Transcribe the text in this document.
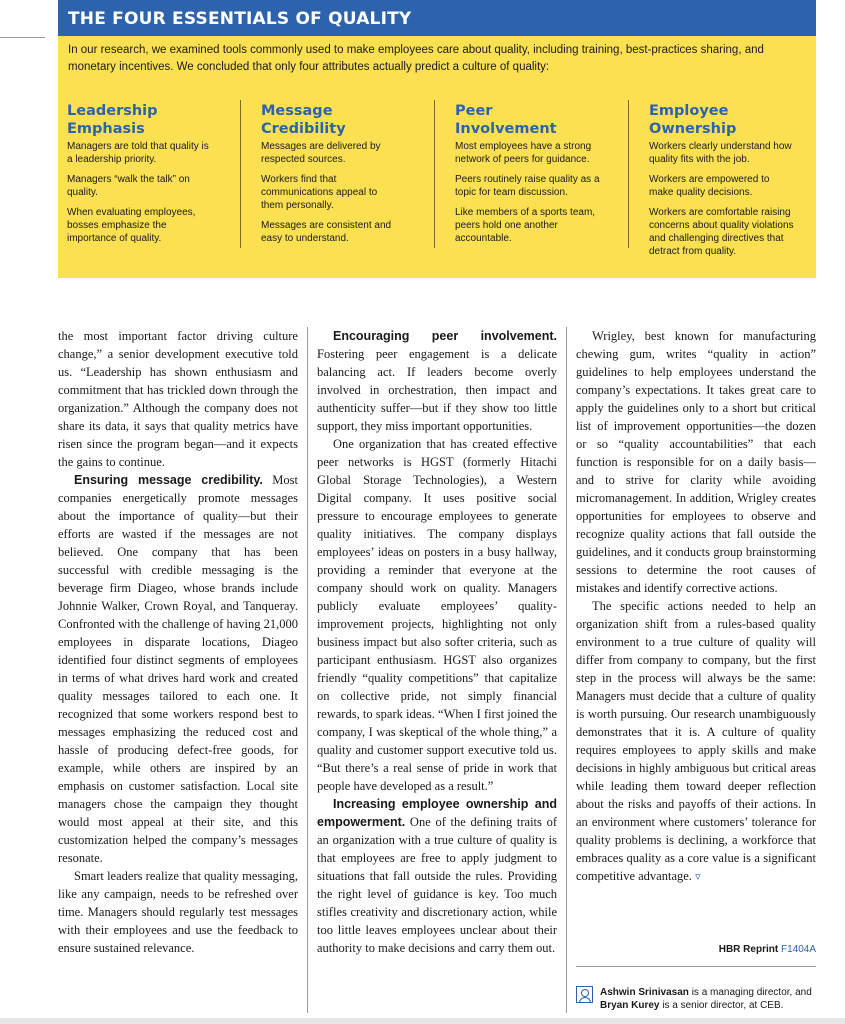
THE FOUR ESSENTIALS OF QUALITY
In our research, we examined tools commonly used to make employees care about quality, including training, best-practices sharing, and monetary incentives. We concluded that only four attributes actually predict a culture of quality:
Leadership
Emphasis

Managers are told that quality is a leadership priority.

Managers “walk the talk” on quality.

When evaluating employees, bosses emphasize the importance of quality.

Message
Credibility

Messages are delivered by respected sources.

Workers find that communications appeal to them personally.

Messages are consistent and easy to understand.

Peer
Involvement

Most employees have a strong network of peers for guidance.

Peers routinely raise quality as a topic for team discussion.

Like members of a sports team, peers hold one another accountable.

Employee
Ownership

Workers clearly understand how quality fits with the job.

Workers are empowered to make quality decisions.

Workers are comfortable raising concerns about quality violations and challenging directives that detract from quality.

the most important factor driving culture change,” a senior development executive told us. “Leadership has shown enthusiasm and commitment that has trickled down through the organization.” Although the company does not share its data, it says that quality metrics have risen since the program began—and it expects the gains to continue.

Ensuring message credibility. Most companies energetically promote messages about the importance of quality—but their efforts are wasted if the messages are not believed. One company that has been successful with credible messaging is the beverage firm Diageo, whose brands include Johnnie Walker, Crown Royal, and Tanqueray. Confronted with the challenge of having 21,000 employees in disparate locations, Diageo identified four distinct segments of employees in terms of what drives hard work and created quality messages tailored to each one. It recognized that some workers respond best to messages emphasizing the reduced cost and hassle of producing defect-free goods, for example, while others are inspired by an emphasis on customer satisfaction. Local site managers chose the campaign they thought would most appeal at their site, and this customization helped the company’s messages resonate.

Smart leaders realize that quality messaging, like any campaign, needs to be refreshed over time. Managers should regularly test messages with their employees and use the feedback to ensure sustained relevance.

Encouraging peer involvement. Fostering peer engagement is a delicate balancing act. If leaders become overly involved in orchestration, then impact and authenticity suffer—but if they show too little support, they miss important opportunities.

One organization that has created effective peer networks is HGST (formerly Hitachi Global Storage Technologies), a Western Digital company. It uses positive social pressure to encourage employees to generate quality initiatives. The company displays employees’ ideas on posters in a busy hallway, providing a reminder that everyone at the company should work on quality. Managers publicly evaluate employees’ quality-improvement projects, highlighting not only business impact but also softer criteria, such as participant enthusiasm. HGST also organizes friendly “quality competitions” that capitalize on collective pride, not simply financial rewards, to spark ideas. “When I first joined the company, I was skeptical of the whole thing,” a quality and customer support executive told us. “But there’s a real sense of pride in work that people have developed as a result.”

Increasing employee ownership and empowerment. One of the defining traits of an organization with a true culture of quality is that employees are free to apply judgment to situations that fall outside the rules. Providing the right level of guidance is key. Too much stifles creativity and discretionary action, while too little leaves employees unclear about their authority to make decisions and carry them out.

Wrigley, best known for manufacturing chewing gum, writes “quality in action” guidelines to help employees understand the company’s expectations. It takes great care to apply the guidelines only to a short but critical list of improvement opportunities—the dozen or so “quality accountabilities” that each function is responsible for on a daily basis—and to strive for clarity while avoiding micromanagement. In addition, Wrigley creates opportunities for employees to observe and recognize quality actions that fall outside the guidelines, and it conducts group brainstorming sessions to determine the root causes of mistakes and identify corrective actions.

The specific actions needed to help an organization shift from a rules-based quality environment to a true culture of quality will differ from company to company, but the first step in the process will always be the same: Managers must decide that a culture of quality is worth pursuing. Our research unambiguously demonstrates that it is. A culture of quality requires employees to apply skills and make decisions in highly ambiguous but critical areas while leading them toward deeper reflection about the risks and payoffs of their actions. In an environment where customers’ tolerance for quality problems is declining, a workforce that embraces quality as a core value is a significant competitive advantage. ▿

HBR Reprint F1404A
Ashwin Srinivasan is a managing director, and Bryan Kurey is a senior director, at CEB.
